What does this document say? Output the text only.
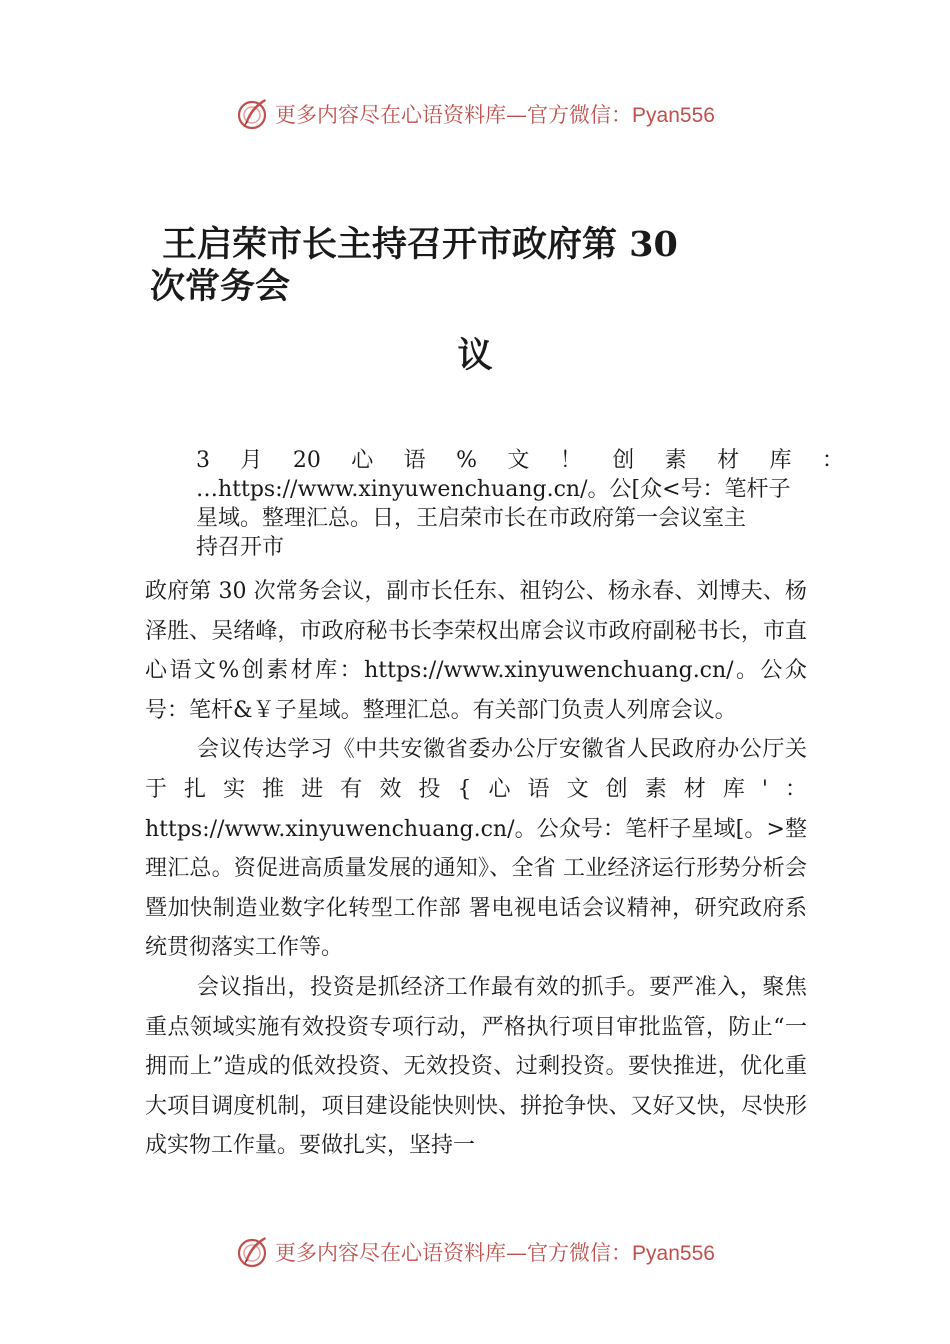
更多内容尽在心语资料库—官方微信：Pyan556
王启荣市长主持召开市政府第 30
次常务会
议
3 月 20 心 语 % 文 ！ 创 素 材 库 ：
…https://www.xinyuwenchuang.cn/。公[众<号：笔杆子
星域。整理汇总。日，王启荣市长在市政府第一会议室主
持召开市

政府第 30 次常务会议，副市长任东、祖钧公、杨永春、刘博夫、杨泽胜、吴绪峰，市政府秘书长李荣权出席会议市政府副秘书长，市直心语文%创素材库：https://www.xinyuwenchuang.cn/。公众号：笔杆&￥子星域。整理汇总。有关部门负责人列席会议。

会议传达学习《中共安徽省委办公厅安徽省人民政府办公厅关于扎实推进有效投{心语文创素材库'：https://www.xinyuwenchuang.cn/。公众号：笔杆子星域[。>整理汇总。资促进高质量发展的通知》、全省 工业经济运行形势分析会暨加快制造业数字化转型工作部 署电视电话会议精神，研究政府系统贯彻落实工作等。

会议指出，投资是抓经济工作最有效的抓手。要严准入，聚焦重点领域实施有效投资专项行动，严格执行项目审批监管，防止“一拥而上”造成的低效投资、无效投资、过剩投资。要快推进，优化重大项目调度机制，项目建设能快则快、拼抢争快、又好又快，尽快形成实物工作量。要做扎实，坚持一

更多内容尽在心语资料库—官方微信：Pyan556
